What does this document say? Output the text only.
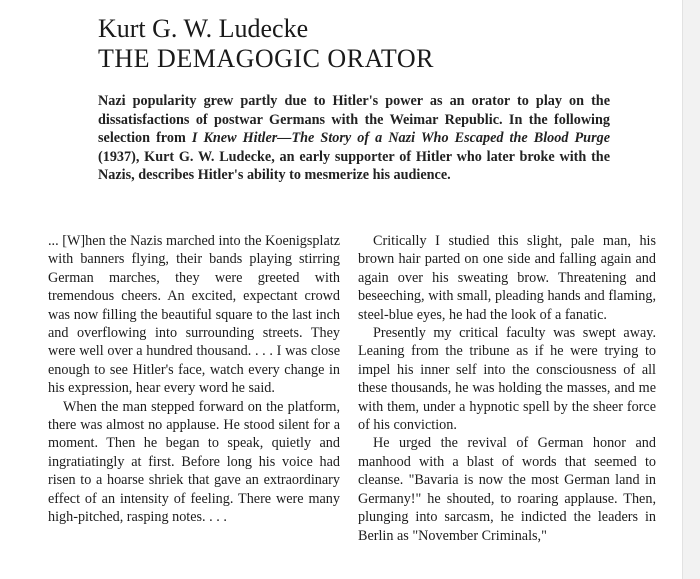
Kurt G. W. Ludecke
THE DEMAGOGIC ORATOR

Nazi popularity grew partly due to Hitler's power as an orator to play on the dissatisfactions of postwar Germans with the Weimar Republic. In the following selection from I Knew Hitler—The Story of a Nazi Who Escaped the Blood Purge (1937), Kurt G. W. Ludecke, an early supporter of Hitler who later broke with the Nazis, describes Hitler's ability to mesmerize his audience.

... [W]hen the Nazis marched into the Koenigsplatz with banners flying, their bands playing stirring German marches, they were greeted with tremendous cheers. An excited, expectant crowd was now filling the beautiful square to the last inch and overflowing into surrounding streets. They were well over a hundred thousand. . . . I was close enough to see Hitler's face, watch every change in his expression, hear every word he said.

When the man stepped forward on the platform, there was almost no applause. He stood silent for a moment. Then he began to speak, quietly and ingratiatingly at first. Before long his voice had risen to a hoarse shriek that gave an extraordinary effect of an intensity of feeling. There were many high-pitched, rasping notes. . . .

Critically I studied this slight, pale man, his brown hair parted on one side and falling again and again over his sweating brow. Threatening and beseeching, with small, pleading hands and flaming, steel-blue eyes, he had the look of a fanatic.

Presently my critical faculty was swept away. Leaning from the tribune as if he were trying to impel his inner self into the consciousness of all these thousands, he was holding the masses, and me with them, under a hypnotic spell by the sheer force of his conviction.

He urged the revival of German honor and manhood with a blast of words that seemed to cleanse. "Bavaria is now the most German land in Germany!" he shouted, to roaring applause. Then, plunging into sarcasm, he indicted the leaders in Berlin as "November Criminals,"
